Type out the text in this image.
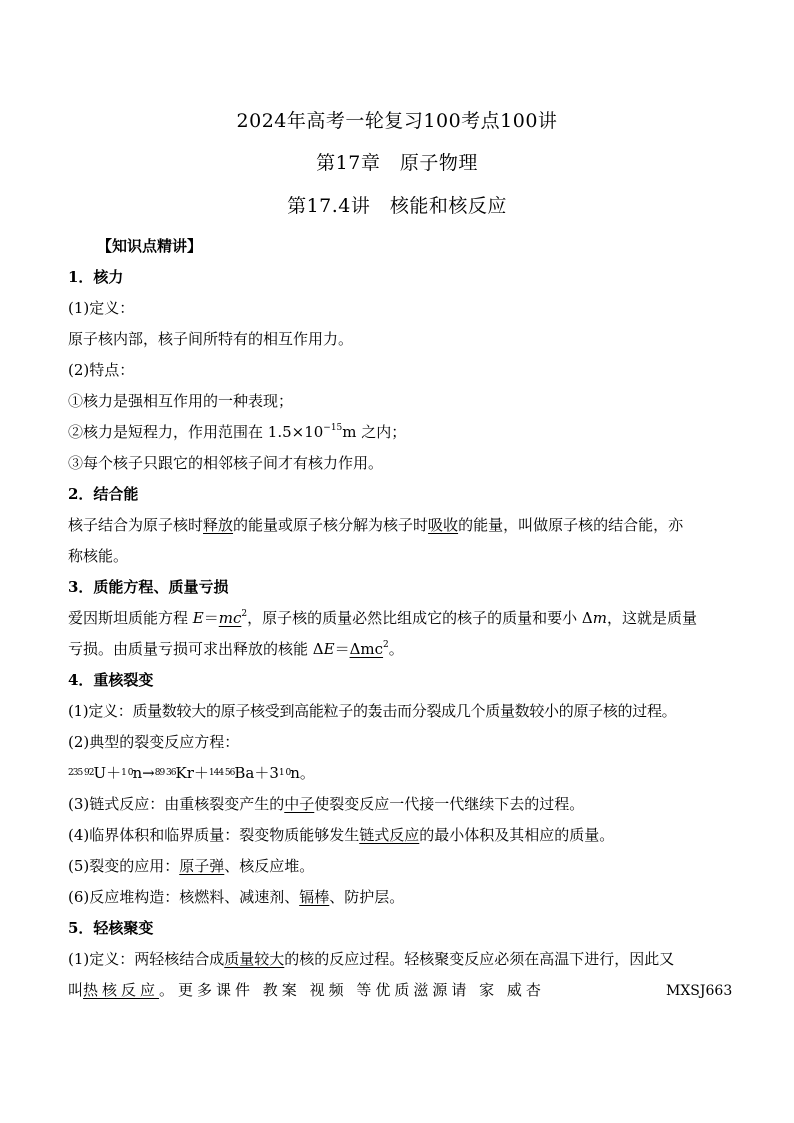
2024年高考一轮复习100考点100讲
第17章　原子物理
第17.4讲　核能和核反应
【知识点精讲】
1．核力
(1)定义：
原子核内部，核子间所特有的相互作用力。
(2)特点：
①核力是强相互作用的一种表现；
②核力是短程力，作用范围在 $1.5\times 10^{-15}m$ 之内；
③每个核子只跟它的相邻核子间才有核力作用。
2．结合能
核子结合为原子核时释放的能量或原子核分解为核子时吸收的能量，叫做原子核的结合能，亦
称核能。
3．质能方程、质量亏损
爱因斯坦质能方程 $E=mc^2$，原子核的质量必然比组成它的核子的质量和要小 Δm，这就是质量
亏损。由质量亏损可求出释放的核能 ΔE＝Δmc$^2$。
4．重核裂变
(1)定义：质量数较大的原子核受到高能粒子的轰击而分裂成几个质量数较小的原子核的过程。
(2)典型的裂变反应方程：
235 92U＋1 0n→89 36Kr＋144 56Ba＋31 0n。
(3)链式反应：由重核裂变产生的中子使裂变反应一代接一代继续下去的过程。
(4)临界体积和临界质量：裂变物质能够发生链式反应的最小体积及其相应的质量。
(5)裂变的应用：原子弹、核反应堆。
(6)反应堆构造：核燃料、减速剂、镉棒、防护层。
5．轻核聚变
(1)定义：两轻核结合成质量较大的核的反应过程。轻核聚变反应必须在高温下进行，因此又
叫热核反应。更多课件 教案 视频 等优质滋源请 家 威杏	MXSJ663
